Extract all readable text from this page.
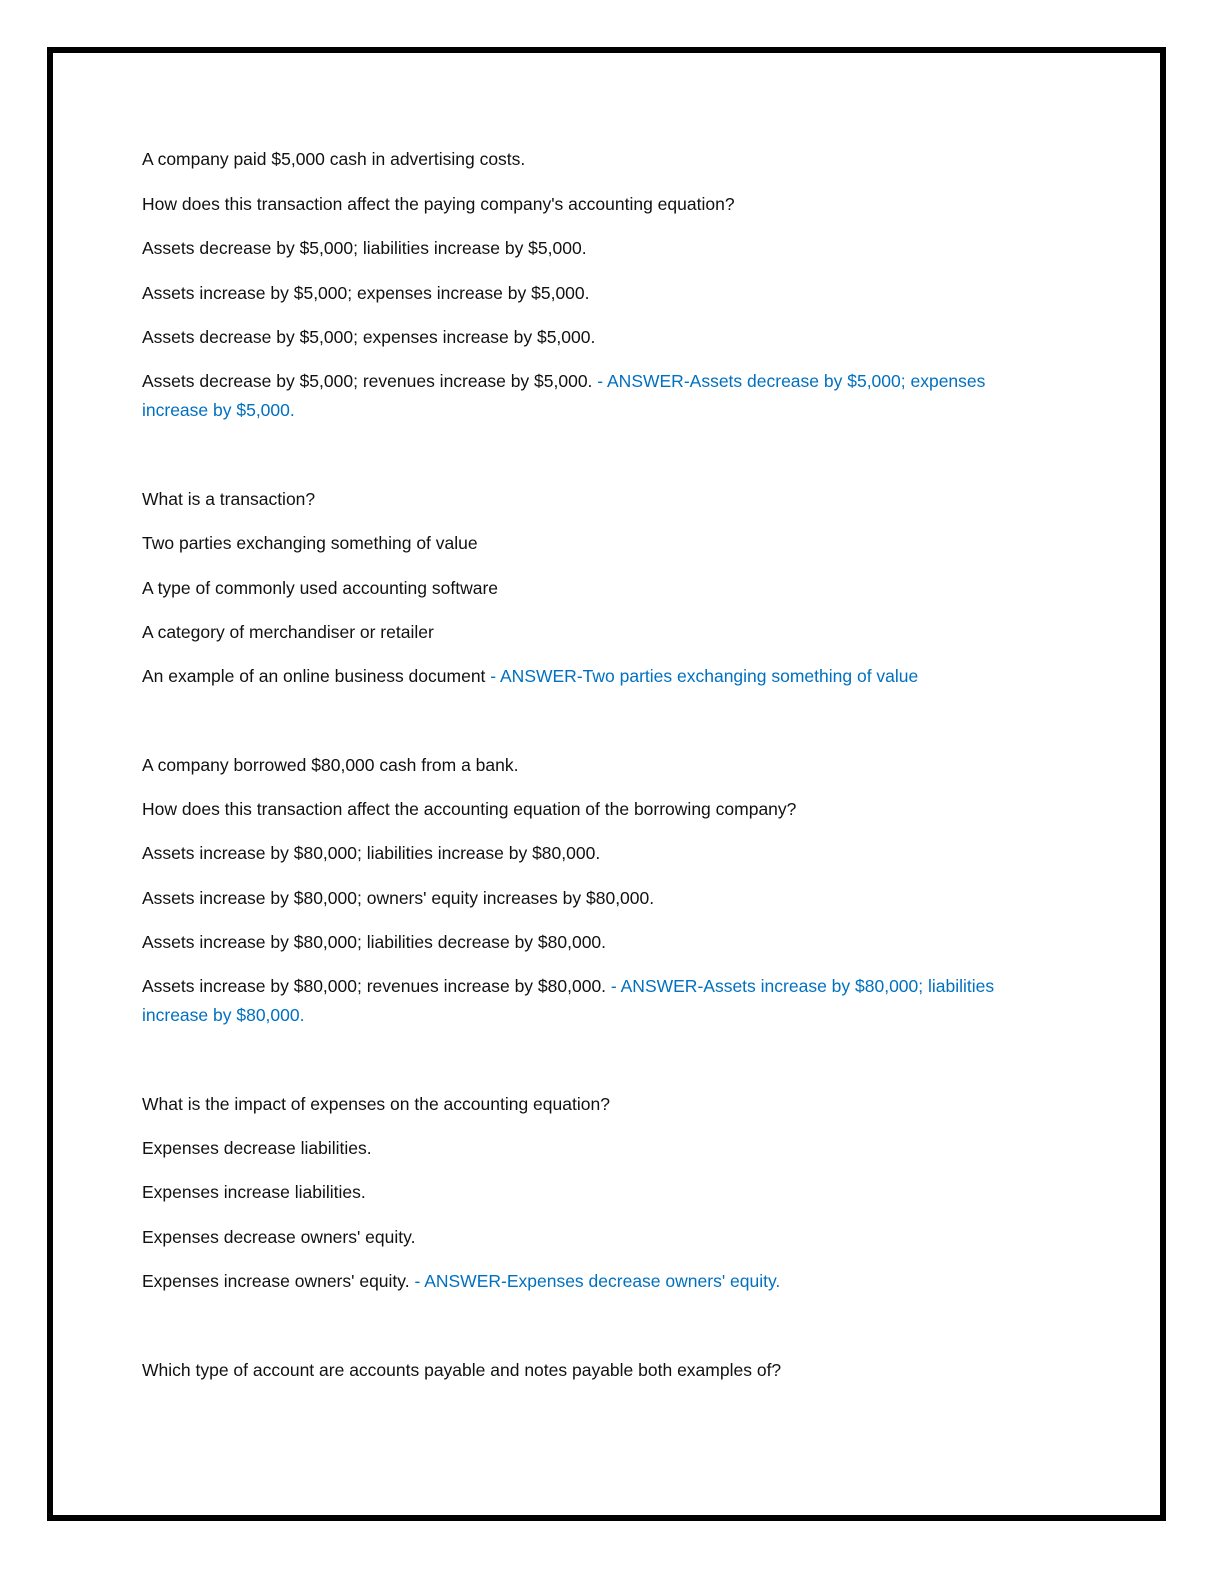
A company paid $5,000 cash in advertising costs.
How does this transaction affect the paying company's accounting equation?
Assets decrease by $5,000; liabilities increase by $5,000.
Assets increase by $5,000; expenses increase by $5,000.
Assets decrease by $5,000; expenses increase by $5,000.
Assets decrease by $5,000; revenues increase by $5,000. - ANSWER-Assets decrease by $5,000; expenses increase by $5,000.
What is a transaction?
Two parties exchanging something of value
A type of commonly used accounting software
A category of merchandiser or retailer
An example of an online business document - ANSWER-Two parties exchanging something of value
A company borrowed $80,000 cash from a bank.
How does this transaction affect the accounting equation of the borrowing company?
Assets increase by $80,000; liabilities increase by $80,000.
Assets increase by $80,000; owners' equity increases by $80,000.
Assets increase by $80,000; liabilities decrease by $80,000.
Assets increase by $80,000; revenues increase by $80,000. - ANSWER-Assets increase by $80,000; liabilities increase by $80,000.
What is the impact of expenses on the accounting equation?
Expenses decrease liabilities.
Expenses increase liabilities.
Expenses decrease owners' equity.
Expenses increase owners' equity. - ANSWER-Expenses decrease owners' equity.
Which type of account are accounts payable and notes payable both examples of?
